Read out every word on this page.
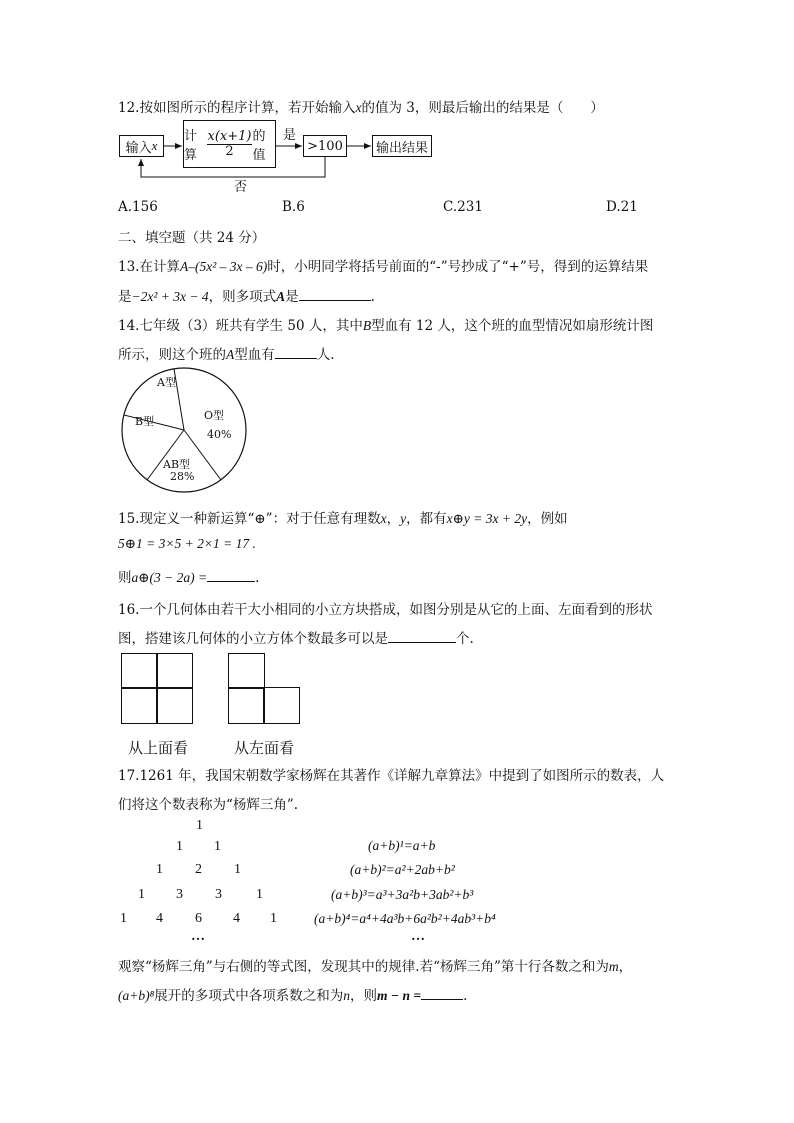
12.按如图所示的程序计算，若开始输入x的值为 3，则最后输出的结果是（　　）
输入 x
计算 $\frac{x(x+1)}{2}$ 的值
是
>100	输出结果
否
A.156	B.6	C.231	D.21
二、填空题（共 24 分）
13.在计算A–(5x² – 3x – 6)时，小明同学将括号前面的“-”号抄成了“+”号，得到的运算结果
是−2x² + 3x − 4，则多项式A是	.
14.七年级（3）班共有学生 50 人，其中B型血有 12 人，这个班的血型情况如扇形统计图
所示，则这个班的A型血有	人.
A型
B型	O型
40%
AB型
28%
15.现定义一种新运算“⊕”：对于任意有理数x，y，都有x⊕y = 3x + 2y，例如
5⊕1 = 3×5 + 2×1 = 17 .
则a⊕(3 − 2a) =	.
16.一个几何体由若干大小相同的小立方块搭成，如图分别是从它的上面、左面看到的形状
图，搭建该几何体的小立方体个数最多可以是	个.
从上面看	从左面看
17.1261 年，我国宋朝数学家杨辉在其著作《详解九章算法》中提到了如图所示的数表，人
们将这个数表称为“杨辉三角”.
1
1 1
1 2 1
1 3 3 1
1 4 6 4 1
…
(a+b)¹=a+b
(a+b)²=a²+2ab+b²
(a+b)³=a³+3a²b+3ab²+b³
(a+b)⁴=a⁴+4a³b+6a²b²+4ab³+b⁴
…
观察“杨辉三角”与右侧的等式图，发现其中的规律.若“杨辉三角”第十行各数之和为m，
(a+b)⁸展开的多项式中各项系数之和为n，则m − n =	.
